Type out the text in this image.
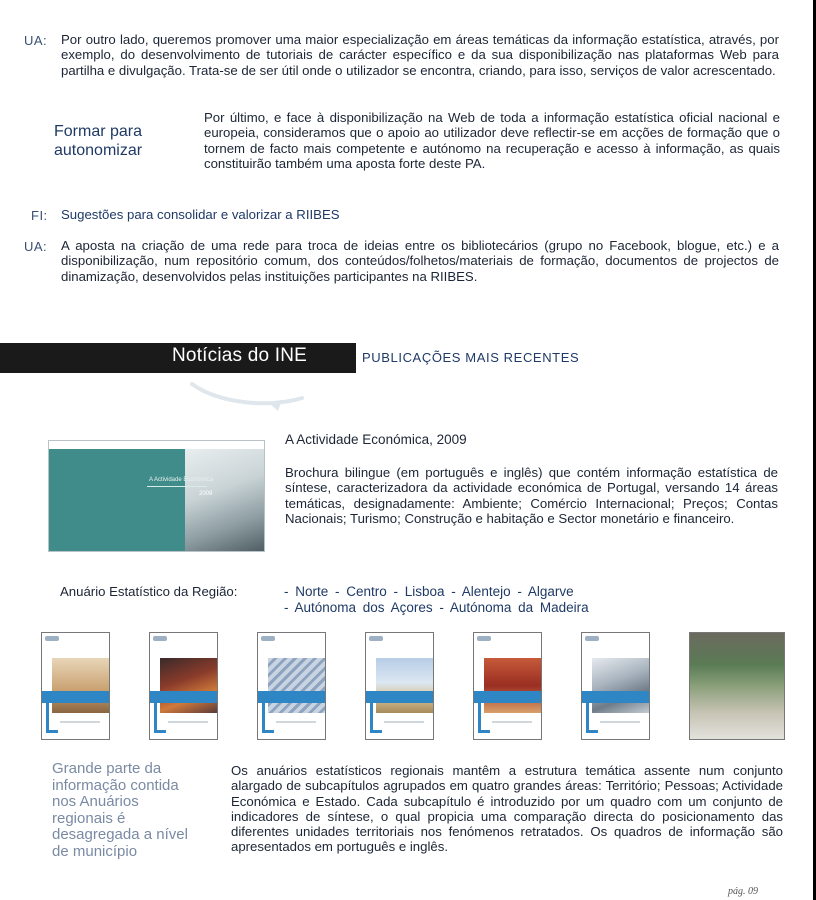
UA: Por outro lado, queremos promover uma maior especialização em áreas temáticas da informação estatística, através, por exemplo, do desenvolvimento de tutoriais de carácter específico e da sua disponibilização nas plataformas Web para partilha e divulgação. Trata-se de ser útil onde o utilizador se encontra, criando, para isso, serviços de valor acrescentado.

Formar para
autonomizar

Por último, e face à disponibilização na Web de toda a informação estatística oficial nacional e europeia, consideramos que o apoio ao utilizador deve reflectir-se em acções de formação que o tornem de facto mais competente e autónomo na recuperação e acesso à informação, as quais constituirão também uma aposta forte deste PA.

FI: Sugestões para consolidar e valorizar a RIIBES
UA: A aposta na criação de uma rede para troca de ideias entre os bibliotecários (grupo no Facebook, blogue, etc.) e a disponibilização, num repositório comum, dos conteúdos/folhetos/materiais de formação, documentos de projectos de dinamização, desenvolvidos pelas instituições participantes na RIIBES.

Notícias do INE	PUBLICAÇÕES MAIS RECENTES
A Actividade Económica
2009
A Actividade Económica, 2009

Brochura bilingue (em português e inglês) que contém informação estatística de síntese, caracterizadora da actividade económica de Portugal, versando 14 áreas temáticas, designadamente: Ambiente; Comércio Internacional; Preços; Contas Nacionais; Turismo; Construção e habitação e Sector monetário e financeiro.

Anuário Estatístico da Região:	- Norte - Centro - Lisboa - Alentejo - Algarve
- Autónoma dos Açores - Autónoma da Madeira

Grande parte da informação contida nos Anuários regionais é desagregada a nível de município

Os anuários estatísticos regionais mantêm a estrutura temática assente num conjunto alargado de subcapítulos agrupados em quatro grandes áreas: Território; Pessoas; Actividade Económica e Estado. Cada subcapítulo é introduzido por um quadro com um conjunto de indicadores de síntese, o qual propicia uma comparação directa do posicionamento das diferentes unidades territoriais nos fenómenos retratados. Os quadros de informação são apresentados em português e inglês.

pág. 09
